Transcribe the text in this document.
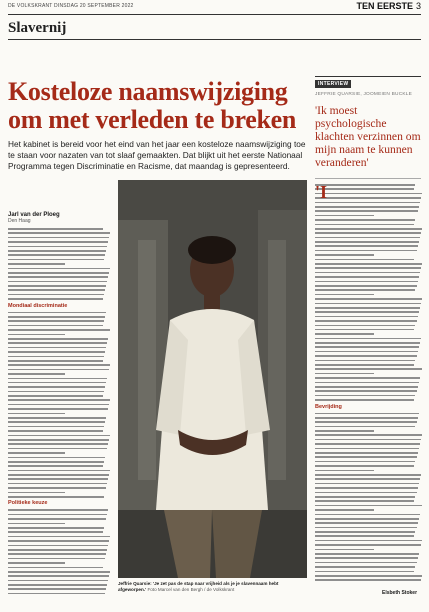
DE VOLKSKRANT DINSDAG 20 SEPTEMBER 2022	TEN EERSTE 3
Slavernij
Kosteloze naamswijziging
om met verleden te breken
Het kabinet is bereid voor het eind van het jaar een kosteloze naamswijziging toe te staan voor nazaten van tot slaaf gemaakten. Dat blijkt uit het eerste Nationaal Programma tegen Discriminatie en Racisme, dat maandag is gepresenteerd.
Jarl van der Ploeg
Den Haag
Mondiaal discriminatie
Politieke keuze
Jeffrie Quarsie: 'Je zet pas de stap naar vrijheid als je je slavennaam hebt afgeworpen.' Foto Marcel van den Bergh / de Volkskrant
INTERVIEW
JEFFRIE QUARSIE, JOOMEIEN BUCKLE
'Ik moest psychologische klachten verzinnen om mijn naam te kunnen veranderen'
'I
Bevrijding
Elsbeth Stoker
